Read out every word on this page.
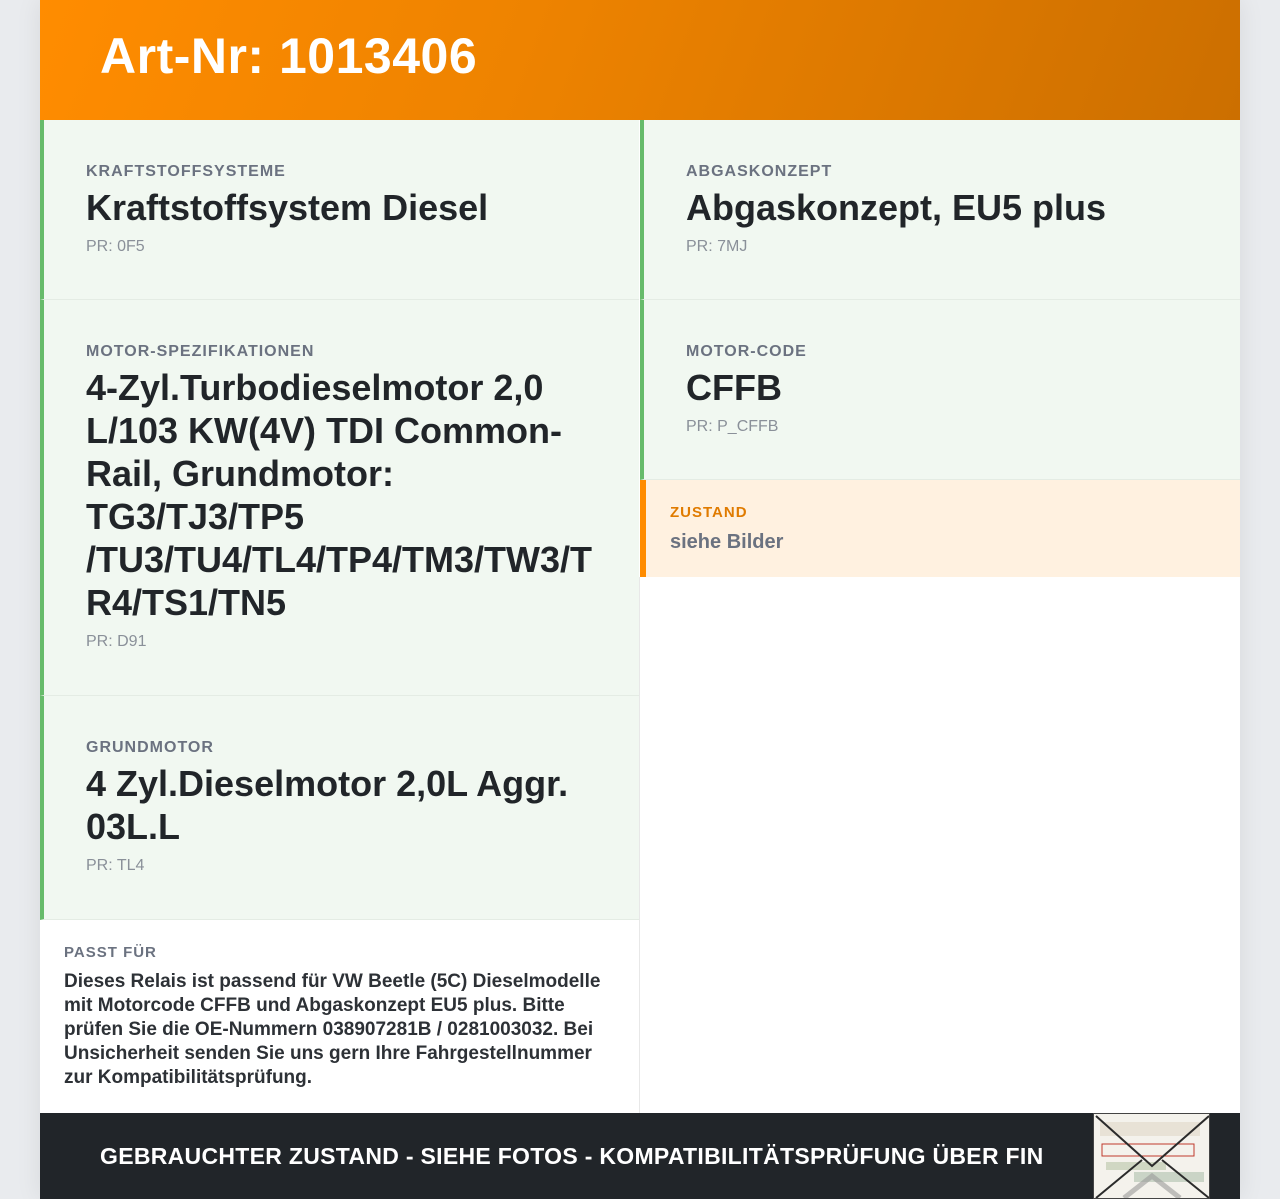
Art-Nr: 1013406
KRAFTSTOFFSYSTEME
Kraftstoffsystem Diesel
PR: 0F5
MOTOR-SPEZIFIKATIONEN
4-Zyl.Turbodieselmotor 2,0 L/103 KW(4V) TDI Common-Rail, Grundmotor: TG3/TJ3/TP5 /TU3/TU4/TL4/TP4/TM3/TW3/TR4/TS1/TN5
PR: D91
GRUNDMOTOR
4 Zyl.Dieselmotor 2,0L Aggr. 03L.L
PR: TL4
PASST FÜR
Dieses Relais ist passend für VW Beetle (5C) Dieselmodelle mit Motorcode CFFB und Abgaskonzept EU5 plus. Bitte prüfen Sie die OE-Nummern 038907281B / 0281003032. Bei Unsicherheit senden Sie uns gern Ihre Fahrgestellnummer zur Kompatibilitätsprüfung.
ABGASKONZEPT
Abgaskonzept, EU5 plus
PR: 7MJ
MOTOR-CODE
CFFB
PR: P_CFFB
ZUSTAND
siehe Bilder
GEBRAUCHTER ZUSTAND - SIEHE FOTOS - KOMPATIBILITÄTSPRÜFUNG ÜBER FIN
